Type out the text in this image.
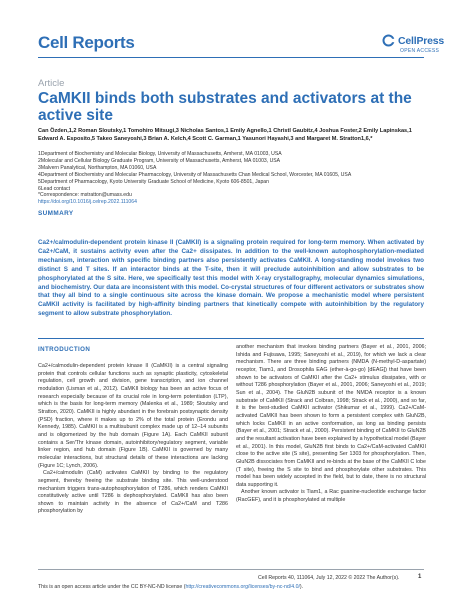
Cell Reports	CellPress
OPEN ACCESS
Article
CaMKII binds both substrates and activators at the active site
Can Özden,1,2 Roman Sloutsky,1 Tomohiro Mitsugi,3 Nicholas Santos,1 Emily Agnello,1 Christl Gaubitz,4 Joshua Foster,2 Emily Lapinskas,1 Edward A. Esposito,5 Takeo Saneyoshi,3 Brian A. Kelch,4 Scott C. Garman,1 Yasunori Hayashi,3 and Margaret M. Stratton1,6,*
1Department of Biochemistry and Molecular Biology, University of Massachusetts, Amherst, MA 01003, USA
2Molecular and Cellular Biology Graduate Program, University of Massachusetts, Amherst, MA 01003, USA
3Malvern Panalytical, Northampton, MA 01060, USA
4Department of Biochemistry and Molecular Pharmacology, University of Massachusetts Chan Medical School, Worcester, MA 01605, USA
5Department of Pharmacology, Kyoto University Graduate School of Medicine, Kyoto 606-8501, Japan
6Lead contact
*Correspondence: mstratton@umass.edu
https://doi.org/10.1016/j.celrep.2022.111064
SUMMARY
Ca2+/calmodulin-dependent protein kinase II (CaMKII) is a signaling protein required for long-term memory. When activated by Ca2+/CaM, it sustains activity even after the Ca2+ dissipates. In addition to the well-known autophosphorylation-mediated mechanism, interaction with specific binding partners also persistently activates CaMKII. A long-standing model invokes two distinct S and T sites. If an interactor binds at the T-site, then it will preclude autoinhibition and allow substrates to be phosphorylated at the S site. Here, we specifically test this model with X-ray crystallography, molecular dynamics simulations, and biochemistry. Our data are inconsistent with this model. Co-crystal structures of four different activators or substrates show that they all bind to a single continuous site across the kinase domain. We propose a mechanistic model where persistent CaMKII activity is facilitated by high-affinity binding partners that kinetically compete with autoinhibition by the regulatory segment to allow substrate phosphorylation.
INTRODUCTION

Ca2+/calmodulin-dependent protein kinase II (CaMKII) is a central signaling protein that controls cellular functions such as synaptic plasticity, cytoskeletal regulation, cell growth and division, gene transcription, and ion channel modulation (Lisman et al., 2012). CaMKII biology has been an active focus of research especially because of its crucial role in long-term potentiation (LTP), which is the basis for long-term memory (Malenka et al., 1989; Sloutsky and Stratton, 2020). CaMKII is highly abundant in the forebrain postsynaptic density (PSD) fraction, where it makes up to 2% of the total protein (Erondu and Kennedy, 1985). CaMKII is a multisubunit complex made up of 12–14 subunits and is oligomerized by the hub domain (Figure 1A). Each CaMKII subunit contains a Ser/Thr kinase domain, autoinhibitory/regulatory segment, variable linker region, and hub domain (Figure 1B). CaMKII is governed by many molecular interactions, but structural details of these interactions are lacking (Figure 1C; Lynch, 2006).

Ca2+/calmodulin (CaM) activates CaMKII by binding to the regulatory segment, thereby freeing the substrate binding site. This well-understood mechanism triggers trans-autophosphorylation of T286, which renders CaMKII constitutively active until T286 is dephosphorylated. CaMKII has also been shown to maintain activity in the absence of Ca2+/CaM and T286 phosphorylation by

another mechanism that invokes binding partners (Bayer et al., 2001, 2006; Ishida and Fujisawa, 1995; Saneyoshi et al., 2019), for which we lack a clear mechanism. There are three binding partners (NMDA (N-methyl-D-aspartate) receptor, Tiam1, and Drosophila EAG (ether-à-go-go) [dEAG]) that have been shown to be activators of CaMKII after the Ca2+ stimulus dissipates, with or without T286 phosphorylation (Bayer et al., 2001, 2006; Saneyoshi et al., 2019; Sun et al., 2004). The GluN2B subunit of the NMDA receptor is a known substrate of CaMKII (Strack and Colbran, 1998; Strack et al., 2000), and so far, it is the best-studied CaMKII activator (Shikumar et al., 1999). Ca2+/CaM-activated CaMKII has been shown to form a persistent complex with GluN2B, which locks CaMKII in an active conformation, as long as binding persists (Bayer et al., 2001; Strack et al., 2000). Persistent binding of CaMKII to GluN2B and the resultant activation have been explained by a hypothetical model (Bayer et al., 2001). In this model, GluN2B first binds to Ca2+/CaM-activated CaMKII close to the active site (S site), presenting Ser 1303 for phosphorylation. Then, GluN2B dissociates from CaMKII and re-binds at the base of the CaMKII C lobe (T site), freeing the S site to bind and phosphorylate other substrates. This model has been widely accepted in the field, but to date, there is no structural data supporting it.

Another known activator is Tiam1, a Rac guanine-nucleotide exchange factor (RacGEF), and it is phosphorylated at multiple

Cell Reports 40, 111064, July 12, 2022 © 2022 The Author(s).	1
This is an open access article under the CC BY-NC-ND license (http://creativecommons.org/licenses/by-nc-nd/4.0/).
